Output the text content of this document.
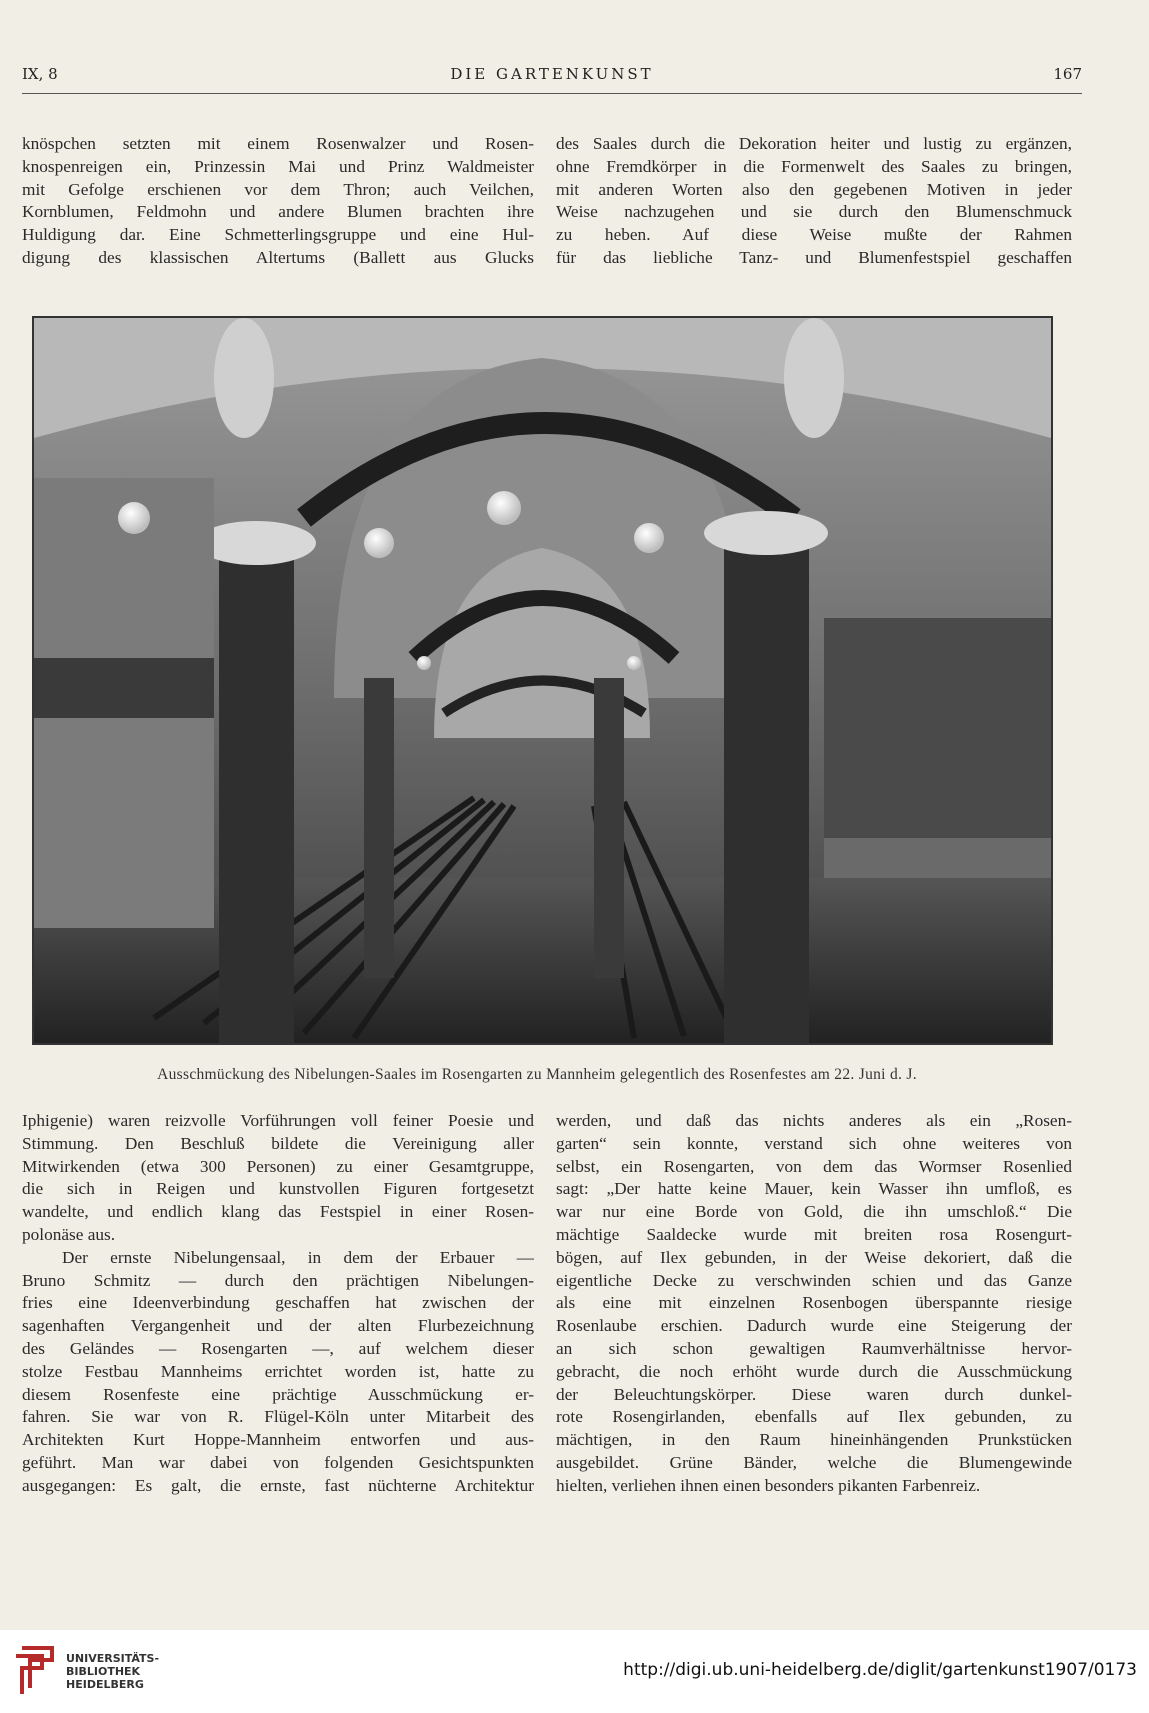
IX, 8	DIE GARTENKUNST	167
knöspchen setzten mit einem Rosenwalzer und Rosen-
knospenreigen ein, Prinzessin Mai und Prinz Waldmeister
mit Gefolge erschienen vor dem Thron; auch Veilchen,
Kornblumen, Feldmohn und andere Blumen brachten ihre
Huldigung dar. Eine Schmetterlingsgruppe und eine Hul-
digung des klassischen Altertums (Ballett aus Glucks
des Saales durch die Dekoration heiter und lustig zu ergänzen,
ohne Fremdkörper in die Formenwelt des Saales zu bringen,
mit anderen Worten also den gegebenen Motiven in jeder
Weise nachzugehen und sie durch den Blumenschmuck
zu heben. Auf diese Weise mußte der Rahmen
für das liebliche Tanz- und Blumenfestspiel geschaffen
Ausschmückung des Nibelungen-Saales im Rosengarten zu Mannheim gelegentlich des Rosenfestes am 22. Juni d. J.
Iphigenie) waren reizvolle Vorführungen voll feiner Poesie und
Stimmung. Den Beschluß bildete die Vereinigung aller
Mitwirkenden (etwa 300 Personen) zu einer Gesamtgruppe,
die sich in Reigen und kunstvollen Figuren fortgesetzt
wandelte, und endlich klang das Festspiel in einer Rosen-
polonäse aus.
Der ernste Nibelungensaal, in dem der Erbauer —
Bruno Schmitz — durch den prächtigen Nibelungen-
fries eine Ideenverbindung geschaffen hat zwischen der
sagenhaften Vergangenheit und der alten Flurbezeichnung
des Geländes — Rosengarten —, auf welchem dieser
stolze Festbau Mannheims errichtet worden ist, hatte zu
diesem Rosenfeste eine prächtige Ausschmückung er-
fahren. Sie war von R. Flügel-Köln unter Mitarbeit des
Architekten Kurt Hoppe-Mannheim entworfen und aus-
geführt. Man war dabei von folgenden Gesichtspunkten
ausgegangen: Es galt, die ernste, fast nüchterne Architektur
werden, und daß das nichts anderes als ein „Rosen-
garten“ sein konnte, verstand sich ohne weiteres von
selbst, ein Rosengarten, von dem das Wormser Rosenlied
sagt: „Der hatte keine Mauer, kein Wasser ihn umfloß, es
war nur eine Borde von Gold, die ihn umschloß.“ Die
mächtige Saaldecke wurde mit breiten rosa Rosengurt-
bögen, auf Ilex gebunden, in der Weise dekoriert, daß die
eigentliche Decke zu verschwinden schien und das Ganze
als eine mit einzelnen Rosenbogen überspannte riesige
Rosenlaube erschien. Dadurch wurde eine Steigerung der
an sich schon gewaltigen Raumverhältnisse hervor-
gebracht, die noch erhöht wurde durch die Ausschmückung
der Beleuchtungskörper. Diese waren durch dunkel-
rote Rosengirlanden, ebenfalls auf Ilex gebunden, zu
mächtigen, in den Raum hineinhängenden Prunkstücken
ausgebildet. Grüne Bänder, welche die Blumengewinde
hielten, verliehen ihnen einen besonders pikanten Farbenreiz.
UNIVERSITÄTS-
BIBLIOTHEK
HEIDELBERG
http://digi.ub.uni-heidelberg.de/diglit/gartenkunst1907/0173
